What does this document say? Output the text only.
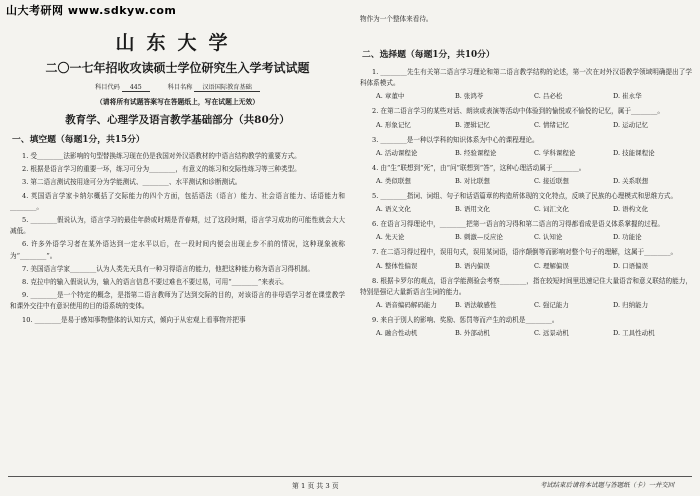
山大考研网 www.sdkyw.com
山东大学
二〇一七年招收攻读硕士学位研究生入学考试试题
科目代码 445	科目名称 汉语国际教育基础
（请将所有试题答案写在答题纸上，写在试题上无效）
教育学、心理学及语言教学基础部分（共80分）
一、填空题（每题1分，共15分）

1. 受________法影响的句型替换练习现在仍是我国对外汉语教材的中语言结构教学的重要方式。

2. 根据是语言学习的重要一环，练习可分为________，有意义的练习和交际性练习等三种类型。

3. 第二语言测试按用途可分为学能测试、________、水平测试和诊断测试。

4. 英国语言学家卡纳尔概括了交际能力的四个方面，包括语法（语言）能力、社会语言能力、话语能力和________。

5. ________假说认为，语言学习的最佳年龄或时期是青春期，过了这段时期，语言学习成功的可能性就会大大减低。

6. 许多外语学习者在某外语达到一定水平以后，在一段时间内便会出现止步不前的情况，这种现象被称为“________”。

7. 美国语言学家________认为人类先天具有一种习得语言的能力，他把这种能力称为语言习得机制。

8. 克拉申的输入假说认为，输入的语言信息不要过难也不要过易，可用“________”来表示。

9. ________是一个特定的概念，是指第二语言教师为了达到交际的目的，对该语言的非母语学习者在课堂教学和课外交往中有意识使用的目的语系统的变体。

10. ________是易于感知事物整体的认知方式，倾向于从宏观上看事物并把事

物作为一个整体来看待。

二、选择题（每题1分，共10分）

1. ________先生有关第二语言学习理论和第二语言教学结构的论述，第一次在对外汉语教学领域明确提出了学科体系模式。

A. 章董中	B. 张鸿苓	C. 吕必松	D. 崔永华

2. 在第二语言学习的某些对话、朗读或表演等活动中体验到的愉悦或不愉悦的记忆，属于________。

A. 形象记忆	B. 逻辑记忆	C. 情绪记忆	D. 运动记忆

3. ________是一种以学科的知识体系为中心的课程理论。

A. 活动课程论	B. 经验课程论	C. 学科课程论	D. 技能课程论

4. 由“生”联想到“死”，由“问”联想到“答”，这种心理活动属于________。

A. 类似联想	B. 对比联想	C. 接近联想	D. 关系联想

5. ________指词、词组、句子和话语篇章的构造所体现的文化特点，反映了民族的心理模式和思维方式。

A. 语义文化	B. 语用文化	C. 词汇文化	D. 语构文化

6. 在语言习得理论中，________把第一语言的习得和第二语言的习得都看成是语义体系掌握的过程。

A. 先天论	B. 刺激—反应论	C. 认知论	D. 功能论

7. 在二语习得过程中，误用句式，误用某词语，语序颠倒等而影响对整个句子的理解，这属于________。

A. 整体性偏误	B. 语内偏误	C. 理解偏误	D. 口语偏误

8. 根据卡罗尔的观点，语言学能测验会考察________，指在较短时间里迅速记住大量语音和意义联结的能力，特别是强记大量新语言生词的能力。

A. 语音编码解码能力	B. 语法敏感性	C. 强记能力	D. 归纳能力

9. 来自于别人的影响、奖励、惩罚等而产生的动机是________。

A. 融合性动机	B. 外部动机	C. 远景动机	D. 工具性动机
第 1 页 共 3 页	考试结束后请将本试题与答题纸（卡）一并交回
